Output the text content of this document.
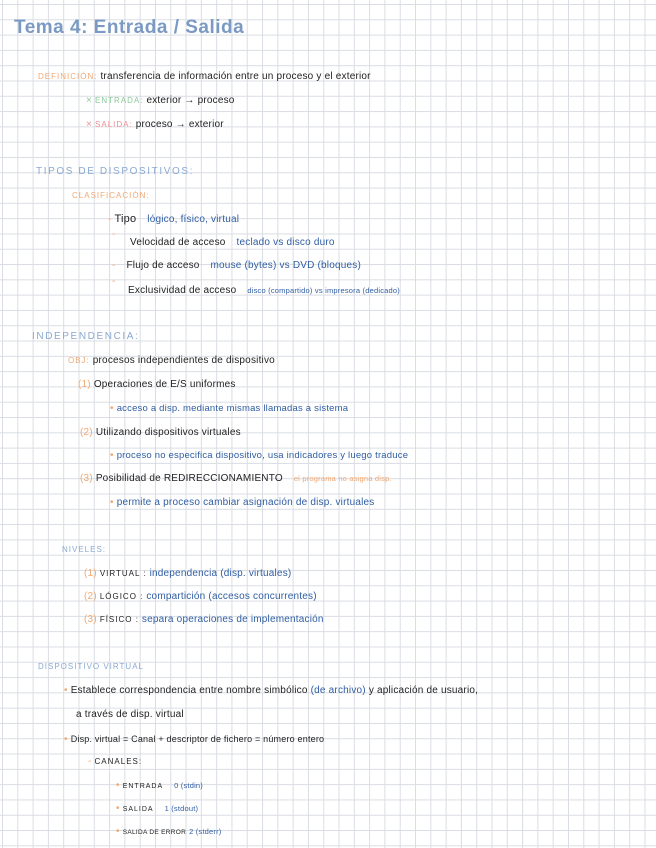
Tema 4: Entrada / Salida
DEFINICIÓN: transferencia de información entre un proceso y el exterior
× ENTRADA: exterior → proceso
× SALIDA: proceso → exterior
TIPOS DE DISPOSITIVOS:
CLASIFICACIÓN:
- Tipo lógico, físico, virtual
-
Velocidad de acceso teclado vs disco duro
- Flujo de acceso mouse (bytes) vs DVD (bloques)
-
Exclusividad de acceso disco (compartido) vs impresora (dedicado)
INDEPENDENCIA:
OBJ: procesos independientes de dispositivo
(1) Operaciones de E/S uniformes
• acceso a disp. mediante mismas llamadas a sistema
(2) Utilizando dispositivos virtuales
• proceso no especifica dispositivo, usa indicadores y luego traduce
(3) Posibilidad de REDIRECCIONAMIENTO el programa no asigna disp.
• permite a proceso cambiar asignación de disp. virtuales
NIVELES:
(1) VIRTUAL : independencia (disp. virtuales)
(2) LÓGICO : compartición (accesos concurrentes)
(3) FÍSICO : separa operaciones de implementación
DISPOSITIVO VIRTUAL
• Establece correspondencia entre nombre simbólico (de archivo) y aplicación de usuario,
a través de disp. virtual
• Disp. virtual = Canal + descriptor de fichero = número entero
- CANALES:
• ENTRADA 0 (stdin)
• SALIDA 1 (stdout)
• SALIDA DE ERROR 2 (stderr)
